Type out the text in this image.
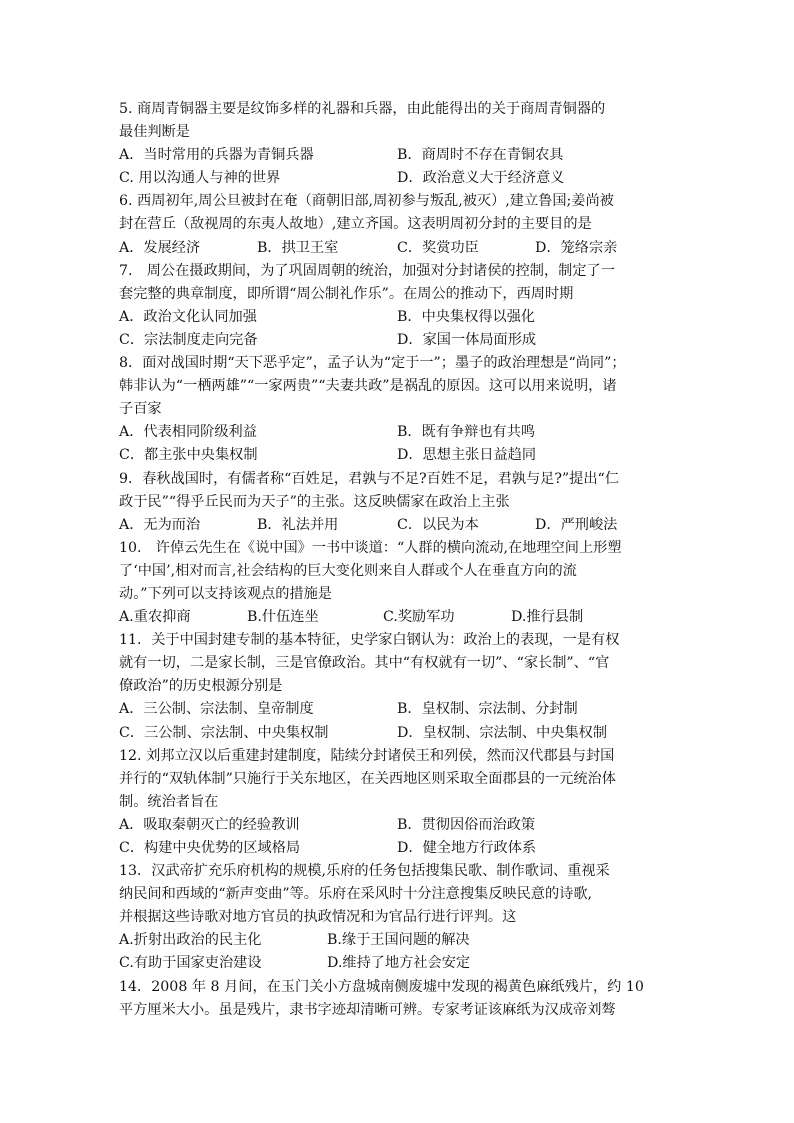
5. 商周青铜器主要是纹饰多样的礼器和兵器，由此能得出的关于商周青铜器的
最佳判断是
A．当时常用的兵器为青铜兵器	B．商周时不存在青铜农具
C. 用以沟通人与神的世界	D．政治意义大于经济意义
6. 西周初年,周公旦被封在奄（商朝旧部,周初参与叛乱,被灭）,建立鲁国;姜尚被
封在营丘（敌视周的东夷人故地）,建立齐国。这表明周初分封的主要目的是
A．发展经济	B．拱卫王室	C．奖赏功臣	D．笼络宗亲
7.　周公在摄政期间，为了巩固周朝的统治，加强对分封诸侯的控制，制定了一
套完整的典章制度，即所谓“周公制礼作乐”。在周公的推动下，西周时期
A．政治文化认同加强	B．中央集权得以强化
C．宗法制度走向完备	D．家国一体局面形成
8．面对战国时期“天下恶乎定”，孟子认为“定于一”；墨子的政治理想是“尚同”；
韩非认为“一栖两雄”“一家两贵”“夫妻共政”是祸乱的原因。这可以用来说明，诸
子百家
A．代表相同阶级利益	B．既有争辩也有共鸣
C．都主张中央集权制	D．思想主张日益趋同
9．春秋战国时，有儒者称“百姓足，君孰与不足?百姓不足，君孰与足?”提出“仁
政于民”“得乎丘民而为天子”的主张。这反映儒家在政治上主张
A．无为而治	B．礼法并用	C．以民为本	D．严刑峻法
10.　许倬云先生在《说中国》一书中谈道：“人群的横向流动,在地理空间上形塑
了‘中国’,相对而言,社会结构的巨大变化则来自人群或个人在垂直方向的流
动。”下列可以支持该观点的措施是
A.重农抑商	B.什伍连坐	C.奖励军功	D.推行县制
11．关于中国封建专制的基本特征，史学家白钢认为：政治上的表现，一是有权
就有一切，二是家长制，三是官僚政治。其中“有权就有一切”、“家长制”、“官
僚政治”的历史根源分别是
A．三公制、宗法制、皇帝制度	B．皇权制、宗法制、分封制
C．三公制、宗法制、中央集权制	D．皇权制、宗法制、中央集权制
12. 刘邦立汉以后重建封建制度，陆续分封诸侯王和列侯，然而汉代郡县与封国
并行的“双轨体制”只施行于关东地区，在关西地区则采取全面郡县的一元统治体
制。统治者旨在
A．吸取秦朝灭亡的经验教训	B．贯彻因俗而治政策
C．构建中央优势的区域格局	D．健全地方行政体系
13．汉武帝扩充乐府机构的规模,乐府的任务包括搜集民歌、制作歌词、重视采
纳民间和西域的“新声变曲”等。乐府在采风时十分注意搜集反映民意的诗歌,
并根据这些诗歌对地方官员的执政情况和为官品行进行评判。这
A.折射出政治的民主化	B.缘于王国问题的解决
C.有助于国家吏治建设	D.维持了地方社会安定
14．2008 年 8 月间，在玉门关小方盘城南侧废墟中发现的褐黄色麻纸残片，约 10
平方厘米大小。虽是残片，隶书字迹却清晰可辨。专家考证该麻纸为汉成帝刘骜
